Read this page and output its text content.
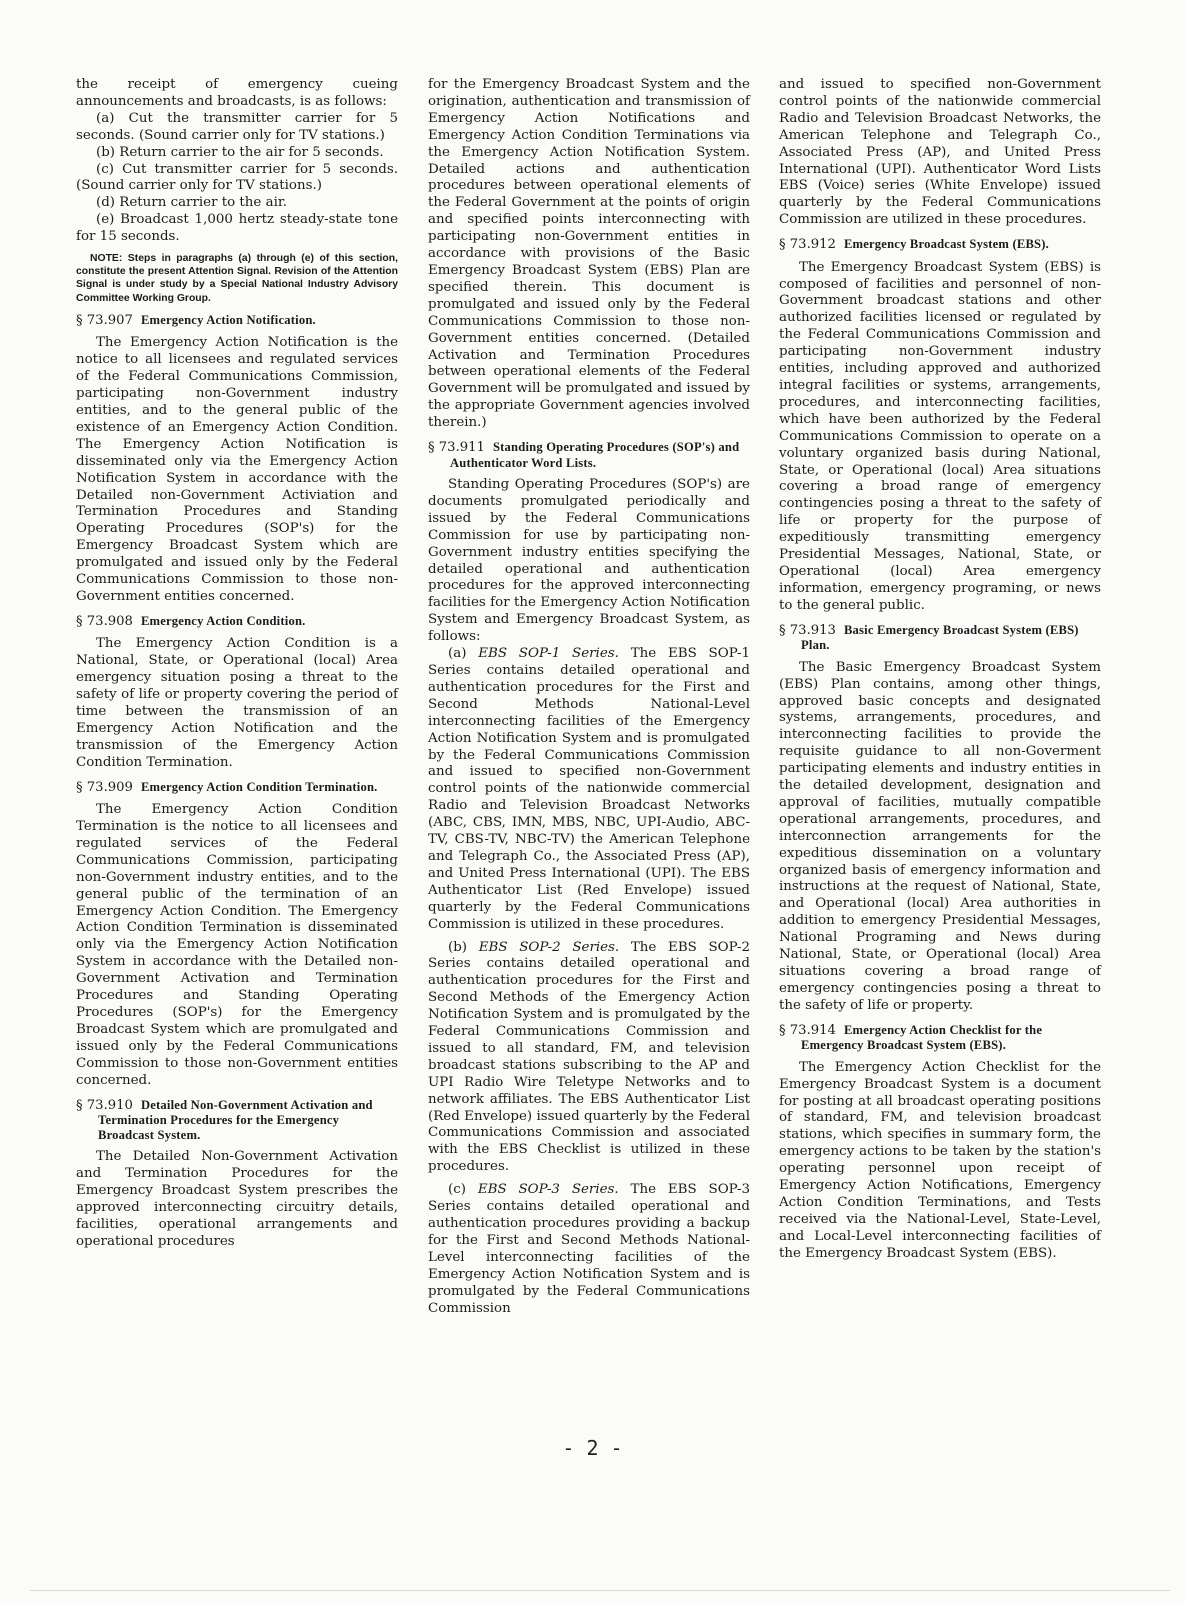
the receipt of emergency cueing announcements and broadcasts, is as follows:

(a) Cut the transmitter carrier for 5 seconds. (Sound carrier only for TV stations.)

(b) Return carrier to the air for 5 seconds.

(c) Cut transmitter carrier for 5 seconds. (Sound carrier only for TV stations.)

(d) Return carrier to the air.

(e) Broadcast 1,000 hertz steady-state tone for 15 seconds.

NOTE: Steps in paragraphs (a) through (e) of this section, constitute the present Attention Signal. Revision of the Attention Signal is under study by a Special National Industry Advisory Committee Working Group.

§ 73.907 Emergency Action Notification.

The Emergency Action Notification is the notice to all licensees and regulated services of the Federal Communications Commission, participating non-Government industry entities, and to the general public of the existence of an Emergency Action Condition. The Emergency Action Notification is disseminated only via the Emergency Action Notification System in accordance with the Detailed non-Government Activiation and Termination Procedures and Standing Operating Procedures (SOP's) for the Emergency Broadcast System which are promulgated and issued only by the Federal Communications Commission to those non-Government entities concerned.

§ 73.908 Emergency Action Condition.

The Emergency Action Condition is a National, State, or Operational (local) Area emergency situation posing a threat to the safety of life or property covering the period of time between the transmission of an Emergency Action Notification and the transmission of the Emergency Action Condition Termination.

§ 73.909 Emergency Action Condition Termination.

The Emergency Action Condition Termination is the notice to all licensees and regulated services of the Federal Communications Commission, participating non-Government industry entities, and to the general public of the termination of an Emergency Action Condition. The Emergency Action Condition Termination is disseminated only via the Emergency Action Notification System in accordance with the Detailed non-Government Activation and Termination Procedures and Standing Operating Procedures (SOP's) for the Emergency Broadcast System which are promulgated and issued only by the Federal Communications Commission to those non-Government entities concerned.

§ 73.910 Detailed Non-Government Activation and Termination Procedures for the Emergency Broadcast System.

The Detailed Non-Government Activation and Termination Procedures for the Emergency Broadcast System prescribes the approved interconnecting circuitry details, facilities, operational arrangements and operational procedures

for the Emergency Broadcast System and the origination, authentication and transmission of Emergency Action Notifications and Emergency Action Condition Terminations via the Emergency Action Notification System. Detailed actions and authentication procedures between operational elements of the Federal Government at the points of origin and specified points interconnecting with participating non-Government entities in accordance with provisions of the Basic Emergency Broadcast System (EBS) Plan are specified therein. This document is promulgated and issued only by the Federal Communications Commission to those non-Government entities concerned. (Detailed Activation and Termination Procedures between operational elements of the Federal Government will be promulgated and issued by the appropriate Government agencies involved therein.)

§ 73.911 Standing Operating Procedures (SOP's) and Authenticator Word Lists.

Standing Operating Procedures (SOP's) are documents promulgated periodically and issued by the Federal Communications Commission for use by participating non-Government industry entities specifying the detailed operational and authentication procedures for the approved interconnecting facilities for the Emergency Action Notification System and Emergency Broadcast System, as follows:

(a) EBS SOP-1 Series. The EBS SOP-1 Series contains detailed operational and authentication procedures for the First and Second Methods National-Level interconnecting facilities of the Emergency Action Notification System and is promulgated by the Federal Communications Commission and issued to specified non-Government control points of the nationwide commercial Radio and Television Broadcast Networks (ABC, CBS, IMN, MBS, NBC, UPI-Audio, ABC-TV, CBS-TV, NBC-TV) the American Telephone and Telegraph Co., the Associated Press (AP), and United Press International (UPI). The EBS Authenticator List (Red Envelope) issued quarterly by the Federal Communications Commission is utilized in these procedures.

(b) EBS SOP-2 Series. The EBS SOP-2 Series contains detailed operational and authentication procedures for the First and Second Methods of the Emergency Action Notification System and is promulgated by the Federal Communications Commission and issued to all standard, FM, and television broadcast stations subscribing to the AP and UPI Radio Wire Teletype Networks and to network affiliates. The EBS Authenticator List (Red Envelope) issued quarterly by the Federal Communications Commission and associated with the EBS Checklist is utilized in these procedures.

(c) EBS SOP-3 Series. The EBS SOP-3 Series contains detailed operational and authentication procedures providing a backup for the First and Second Methods National-Level interconnecting facilities of the Emergency Action Notification System and is promulgated by the Federal Communications Commission

and issued to specified non-Government control points of the nationwide commercial Radio and Television Broadcast Networks, the American Telephone and Telegraph Co., Associated Press (AP), and United Press International (UPI). Authenticator Word Lists EBS (Voice) series (White Envelope) issued quarterly by the Federal Communications Commission are utilized in these procedures.

§ 73.912 Emergency Broadcast System (EBS).

The Emergency Broadcast System (EBS) is composed of facilities and personnel of non-Government broadcast stations and other authorized facilities licensed or regulated by the Federal Communications Commission and participating non-Government industry entities, including approved and authorized integral facilities or systems, arrangements, procedures, and interconnecting facilities, which have been authorized by the Federal Communications Commission to operate on a voluntary organized basis during National, State, or Operational (local) Area situations covering a broad range of emergency contingencies posing a threat to the safety of life or property for the purpose of expeditiously transmitting emergency Presidential Messages, National, State, or Operational (local) Area emergency information, emergency programing, or news to the general public.

§ 73.913 Basic Emergency Broadcast System (EBS) Plan.

The Basic Emergency Broadcast System (EBS) Plan contains, among other things, approved basic concepts and designated systems, arrangements, procedures, and interconnecting facilities to provide the requisite guidance to all non-Goverment participating elements and industry entities in the detailed development, designation and approval of facilities, mutually compatible operational arrangements, procedures, and interconnection arrangements for the expeditious dissemination on a voluntary organized basis of emergency information and instructions at the request of National, State, and Operational (local) Area authorities in addition to emergency Presidential Messages, National Programing and News during National, State, or Operational (local) Area situations covering a broad range of emergency contingencies posing a threat to the safety of life or property.

§ 73.914 Emergency Action Checklist for the Emergency Broadcast System (EBS).

The Emergency Action Checklist for the Emergency Broadcast System is a document for posting at all broadcast operating positions of standard, FM, and television broadcast stations, which specifies in summary form, the emergency actions to be taken by the station's operating personnel upon receipt of Emergency Action Notifications, Emergency Action Condition Terminations, and Tests received via the National-Level, State-Level, and Local-Level interconnecting facilities of the Emergency Broadcast System (EBS).

- 2 -
